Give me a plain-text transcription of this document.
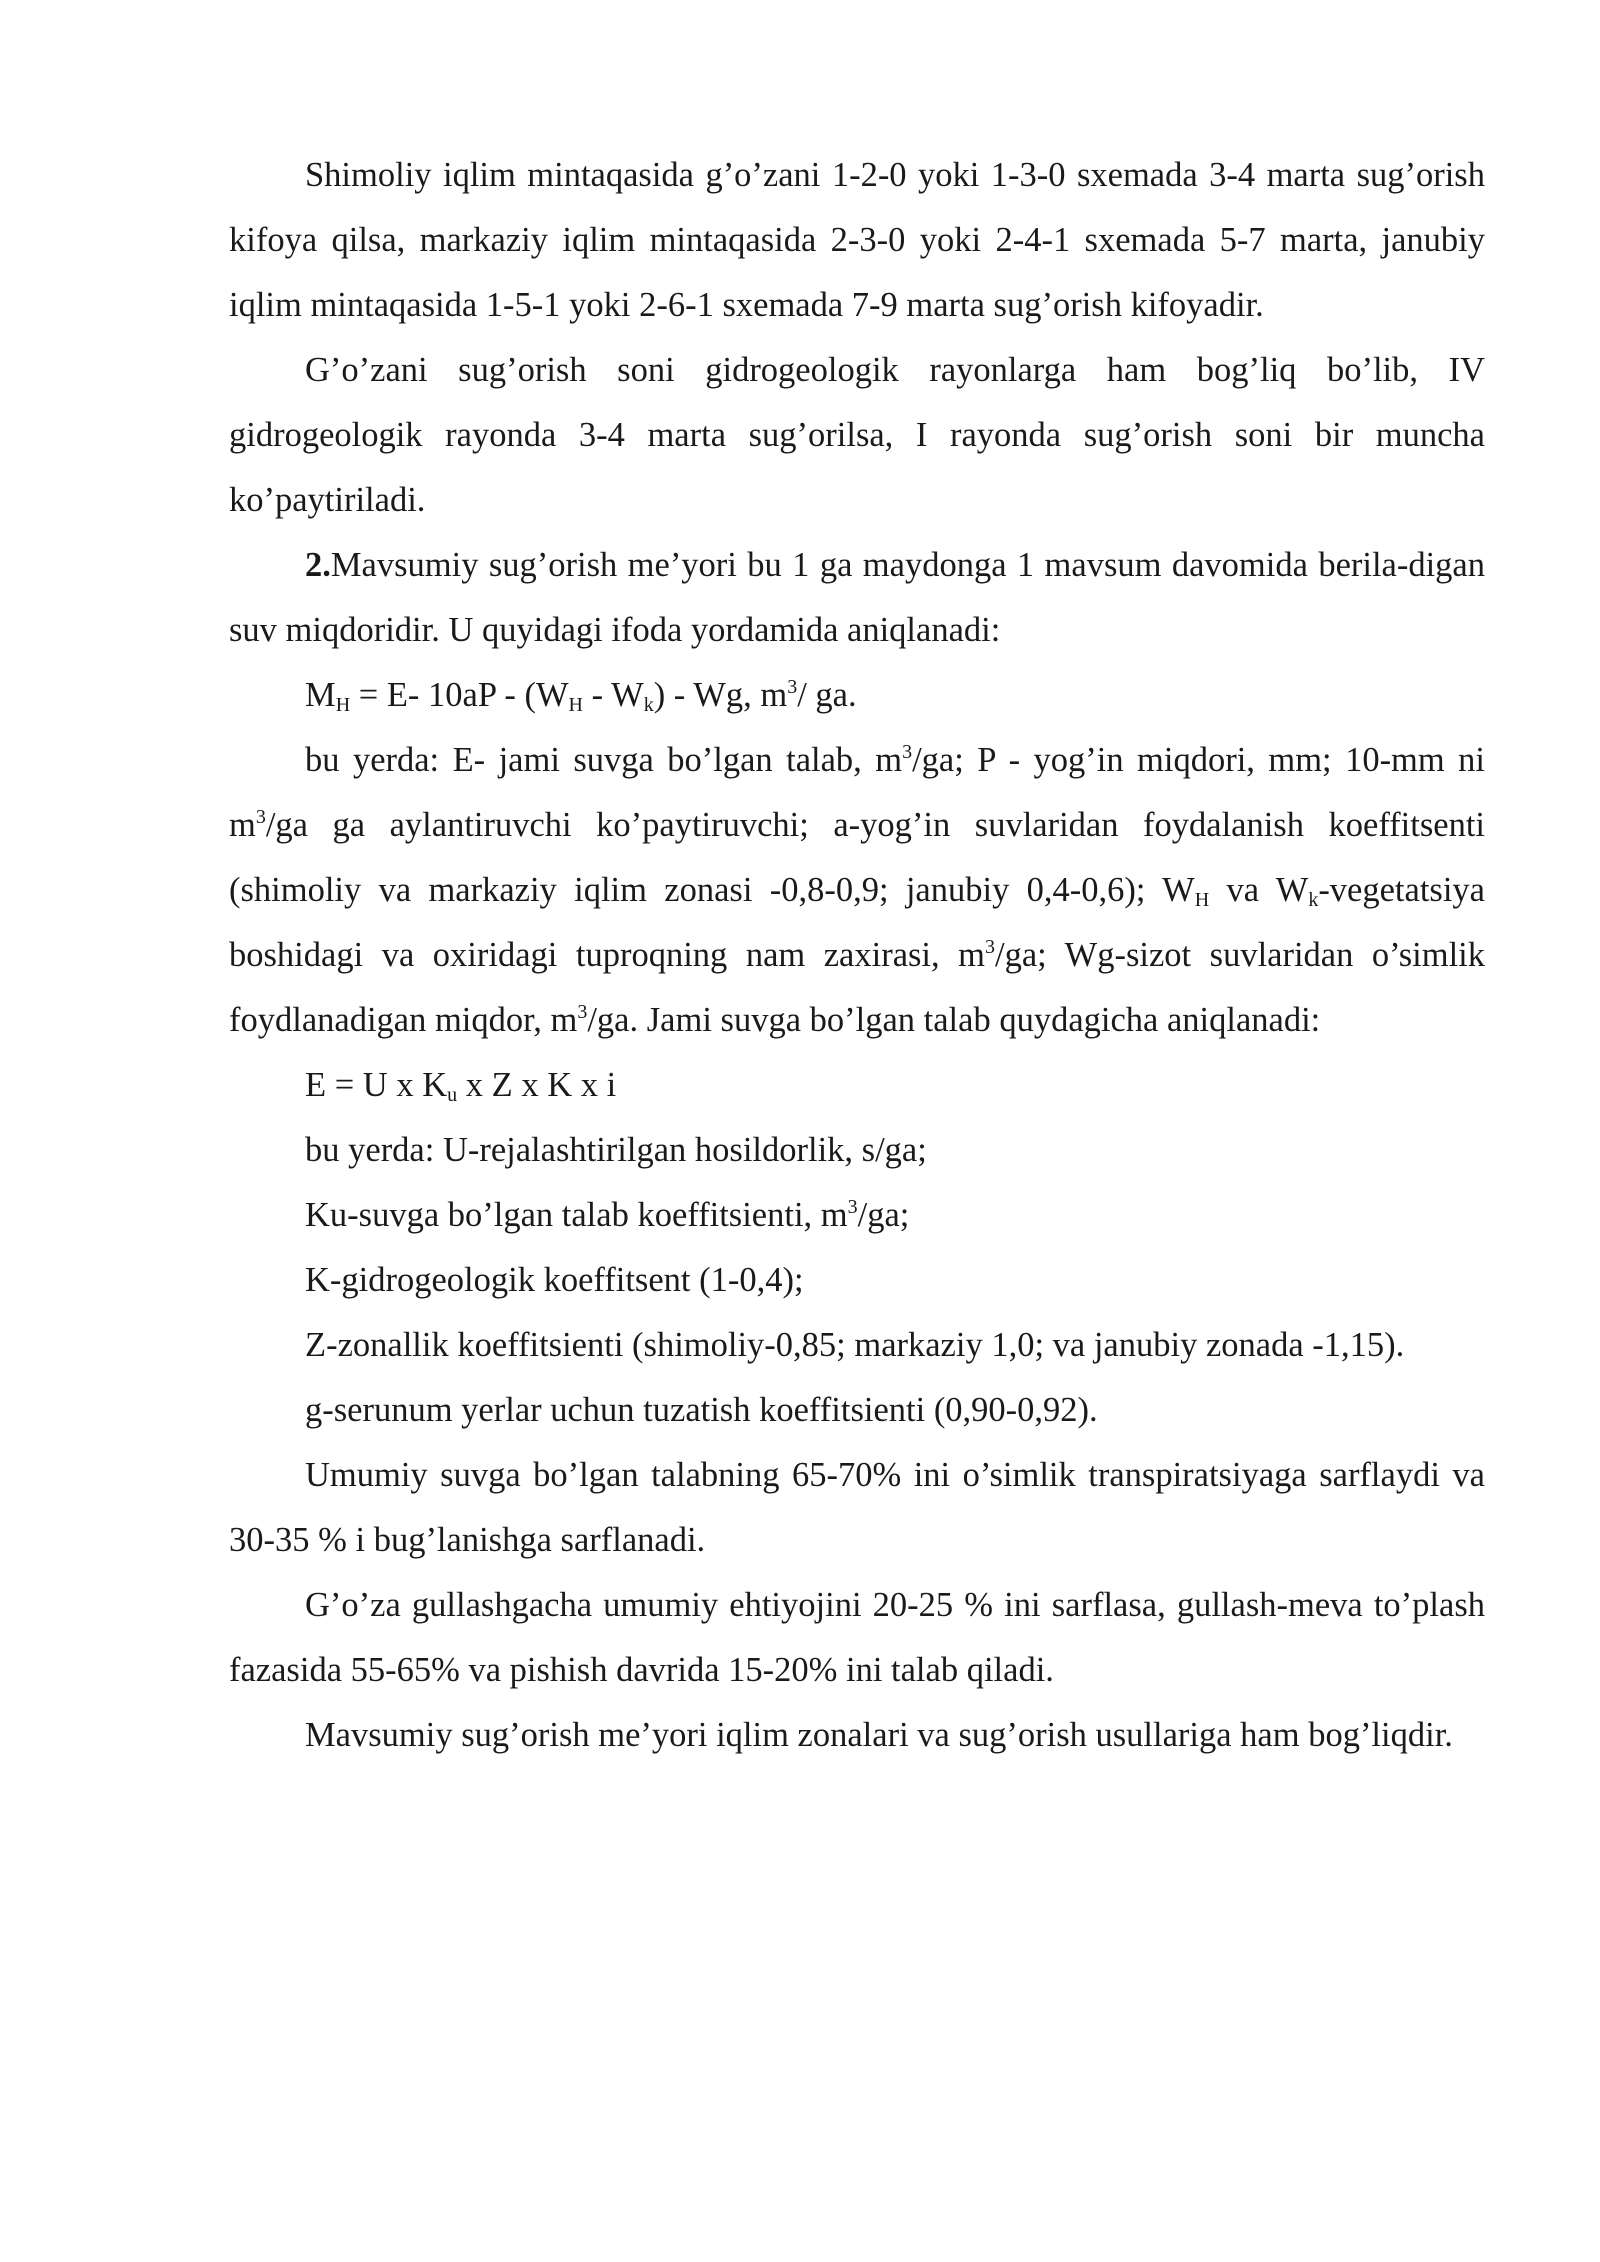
Shimoliy iqlim mintaqasida g’o’zani 1-2-0 yoki 1-3-0 sxemada 3-4 marta sug’orish kifoya qilsa, markaziy iqlim mintaqasida 2-3-0 yoki 2-4-1 sxemada 5-7 marta, janubiy iqlim mintaqasida 1-5-1 yoki 2-6-1 sxemada 7-9 marta sug’orish kifoyadir.

G’o’zani sug’orish soni gidrogeologik rayonlarga ham bog’liq bo’lib, IV gidrogeologik rayonda 3-4 marta sug’orilsa, I rayonda sug’orish soni bir muncha ko’paytiriladi.

2.Mavsumiy sug’orish me’yori bu 1 ga maydonga 1 mavsum davomida berila-digan suv miqdoridir. U quyidagi ifoda yordamida aniqlanadi:

$M_H = E-$ $10aP - (W_H - W_k)$ - Wg, $m^3/$ ga.

bu yerda: E- jami suvga bo’lgan talab, $m^3/ga$; P - yog’in miqdori, mm; 10-mm ni $m^3/ga$ ga aylantiruvchi ko’paytiruvchi; a-yog’in suvlaridan foydalanish koeffitsenti (shimoliy va markaziy iqlim zonasi -0,8-0,9; janubiy 0,4-0,6); $W_H$ va $W_k$-vegetatsiya boshidagi va oxiridagi tuproqning nam zaxirasi, $m^3/ga$; Wg-sizot suvlaridan o’simlik foydlanadigan miqdor, $m^3/ga$. Jami suvga bo’lgan talab quydagicha aniqlanadi:

E = U x $K_u$ x Z x K x i

bu yerda: U-rejalashtirilgan hosildorlik, s/ga;

Ku-suvga bo’lgan talab koeffitsienti, $m^3/ga$;

K-gidrogeologik koeffitsent (1-0,4);

Z-zonallik koeffitsienti (shimoliy-0,85; markaziy 1,0; va janubiy zonada -1,15).

g-serunum yerlar uchun tuzatish koeffitsienti (0,90-0,92).

Umumiy suvga bo’lgan talabning 65-70% ini o’simlik transpiratsiyaga sarflaydi va 30-35 % i bug’lanishga sarflanadi.

G’o’za gullashgacha umumiy ehtiyojini 20-25 % ini sarflasa, gullash-meva to’plash fazasida 55-65% va pishish davrida 15-20% ini talab qiladi.

Mavsumiy sug’orish me’yori iqlim zonalari va sug’orish usullariga ham bog’liqdir.
